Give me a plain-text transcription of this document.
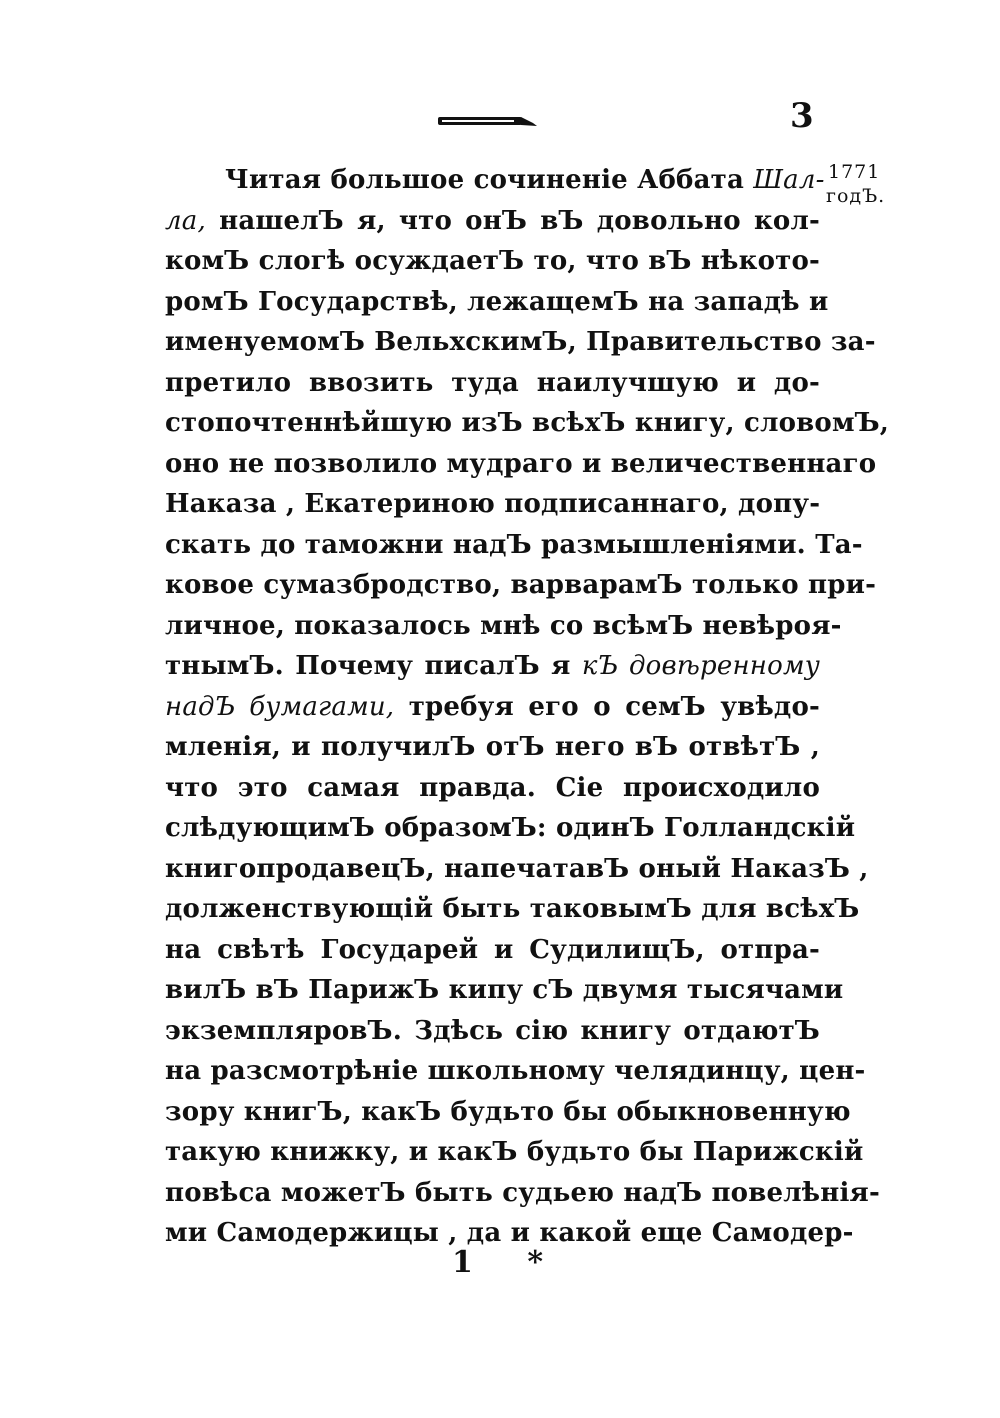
3
1771
годЪ.
Читая большое сочиненіе Аббата Шал-
ла, нашелЪ я, что онЪ вЪ довольно кол-
комЪ слогѣ осуждаетЪ то, что вЪ нѣкото-
ромЪ Государствѣ, лежащемЪ на западѣ и
именуемомЪ ВельхскимЪ, Правительство за-
претило ввозить туда наилучшую и до-
стопочтеннѣйшую изЪ всѣхЪ книгу, словомЪ,
оно не позволило мудраго и величественнаго
Наказа , Екатериною подписаннаго, допу-
скать до таможни надЪ размышленіями. Та-
ковое сумазбродство, варварамЪ только при-
личное, показалось мнѣ со всѣмЪ невѣроя-
тнымЪ. Почему писалЪ я кЪ довѣренному
надЪ бумагами, требуя его о семЪ увѣдо-
мленія, и получилЪ отЪ него вЪ отвѣтЪ ,
что это самая правда. Сіе происходило
слѣдующимЪ образомЪ: одинЪ Голландскій
книгопродавецЪ, напечатавЪ оный НаказЪ ,
долженствующій быть таковымЪ для всѣхЪ
на свѣтѣ Государей и СудилищЪ, отпра-
вилЪ вЪ ПарижЪ кипу сЪ двумя тысячами
экземпляровЪ. Здѣсь сію книгу отдаютЪ
на разсмотрѣніе школьному челядинцу, цен-
зору книгЪ, какЪ будьто бы обыкновенную
такую книжку, и какЪ будьто бы Парижскій
повѣса можетЪ быть судьею надЪ повелѣнія-
ми Самодержицы , да и какой еще Самодер-
1 *
